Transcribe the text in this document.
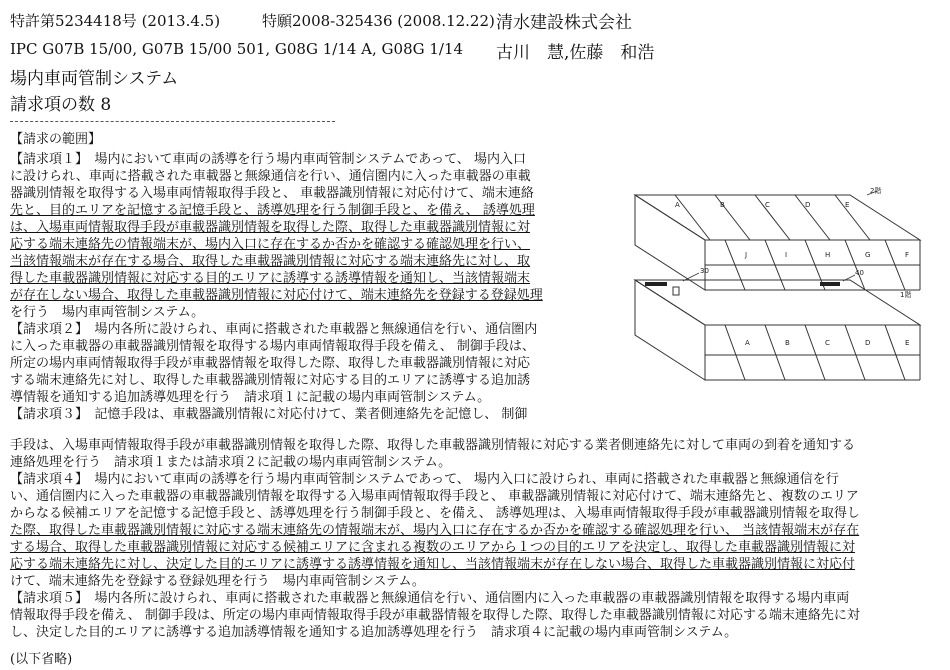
特許第5234418号 (2013.4.5)	特願2008-325436 (2008.12.22) 清水建設株式会社
IPC G07B 15/00, G07B 15/00 501, G08G 1/14 A, G08G 1/14 古川　慧,佐藤　和浩
場内車両管制システム
請求項の数 8
【請求の範囲】
【請求項１】　場内において車両の誘導を行う場内車両管制システムであって、 場内入口
に設けられ、車両に搭載された車載器と無線通信を行い、通信圏内に入った車載器の車載
器識別情報を取得する入場車両情報取得手段と、 車載器識別情報に対応付けて、端末連絡
先と、目的エリアを記憶する記憶手段と、誘導処理を行う制御手段と、を備え、 誘導処理
は、入場車両情報取得手段が車載器識別情報を取得した際、取得した車載器識別情報に対
応する端末連絡先の情報端末が、場内入口に存在するか否かを確認する確認処理を行い、
当該情報端末が存在する場合、取得した車載器識別情報に対応する端末連絡先に対し、取
得した車載器識別情報に対応する目的エリアに誘導する誘導情報を通知し、当該情報端末
が存在しない場合、取得した車載器識別情報に対応付けて、端末連絡先を登録する登録処理
を行う　場内車両管制システム。
【請求項２】　場内各所に設けられ、車両に搭載された車載器と無線通信を行い、通信圏内
に入った車載器の車載器識別情報を取得する場内車両情報取得手段を備え、 制御手段は、
所定の場内車両情報取得手段が車載器情報を取得した際、取得した車載器識別情報に対応
する端末連絡先に対し、取得した車載器識別情報に対応する目的エリアに誘導する追加誘
導情報を通知する追加誘導処理を行う　請求項１に記載の場内車両管制システム。
【請求項３】　記憶手段は、車載器識別情報に対応付けて、業者側連絡先を記憶し、 制御
手段は、入場車両情報取得手段が車載器識別情報を取得した際、取得した車載器識別情報に対応する業者側連絡先に対して車両の到着を通知する
連絡処理を行う　請求項１または請求項２に記載の場内車両管制システム。
【請求項４】　場内において車両の誘導を行う場内車両管制システムであって、 場内入口に設けられ、車両に搭載された車載器と無線通信を行
い、通信圏内に入った車載器の車載器識別情報を取得する入場車両情報取得手段と、 車載器識別情報に対応付けて、端末連絡先と、複数のエリア
からなる候補エリアを記憶する記憶手段と、誘導処理を行う制御手段と、を備え、 誘導処理は、入場車両情報取得手段が車載器識別情報を取得し
た際、取得した車載器識別情報に対応する端末連絡先の情報端末が、場内入口に存在するか否かを確認する確認処理を行い、 当該情報端末が存在
する場合、取得した車載器識別情報に対応する候補エリアに含まれる複数のエリアから１つの目的エリアを決定し、取得した車載器識別情報に対
応する端末連絡先に対し、決定した目的エリアに誘導する誘導情報を通知し、当該情報端末が存在しない場合、取得した車載器識別情報に対応付
けて、端末連絡先を登録する登録処理を行う　場内車両管制システム。
【請求項５】　場内各所に設けられ、車両に搭載された車載器と無線通信を行い、通信圏内に入った車載器の車載器識別情報を取得する場内車両
情報取得手段を備え、 制御手段は、所定の場内車両情報取得手段が車載器情報を取得した際、取得した車載器識別情報に対応する端末連絡先に対
し、決定した目的エリアに誘導する追加誘導情報を通知する追加誘導処理を行う　請求項４に記載の場内車両管制システム。
(以下省略)
A	B	C	D	E
J	I	H	G	F
A	B	C	D	E
2階
1階
30	40
